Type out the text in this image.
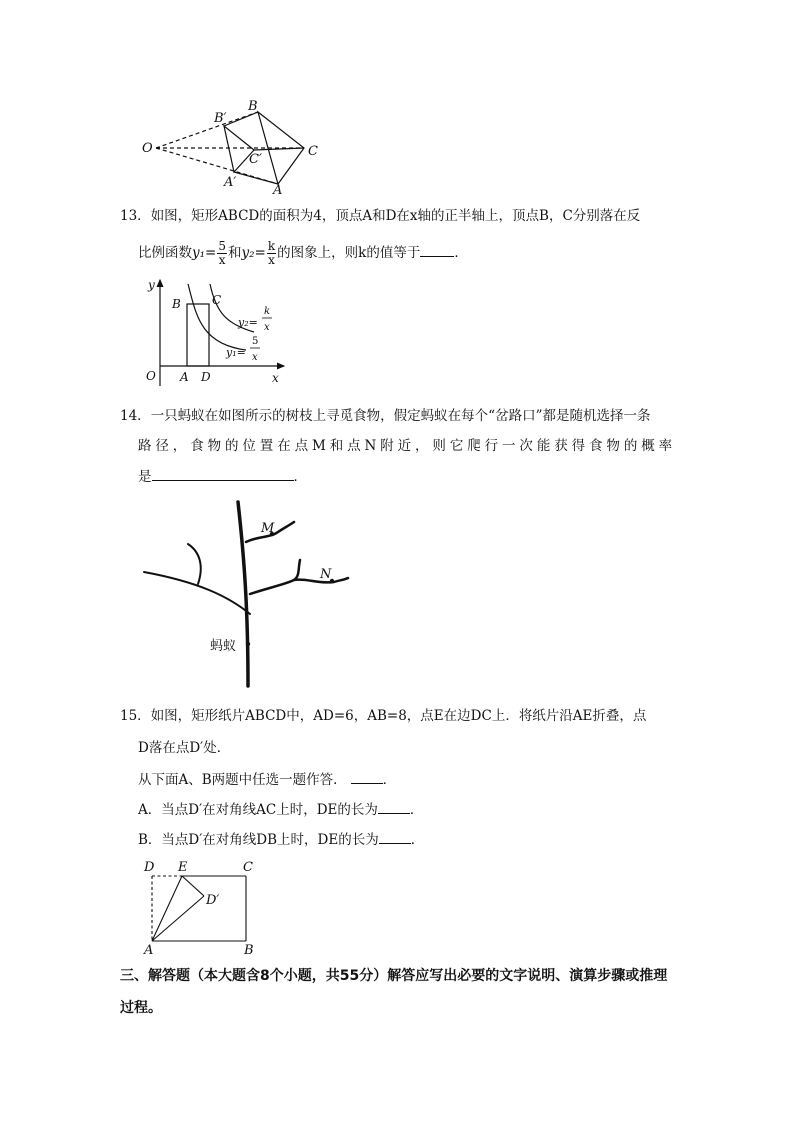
O
B′
B
C′
C
A′
A
13．如图，矩形ABCD的面积为4，顶点A和D在x轴的正半轴上，顶点B，C分别落在反
比例函数$y_1= \frac{5}{x}$ 和$y_2= \frac{k}{x}$ 的图象上，则k的值等于	．
y
x
O A D
B	C
y₂=
k
x
y₁=
5
x
14．一只蚂蚁在如图所示的树枝上寻觅食物，假定蚂蚁在每个“岔路口”都是随机选择一条
路径，食物的位置在点M和点N附近，则它爬行一次能获得食物的概率
是	．
M
N
蚂蚁
15．如图，矩形纸片ABCD中，AD=6，AB=8，点E在边DC上．将纸片沿AE折叠，点
D落在点D′处．
从下面A、B两题中任选一题作答．	．
A．当点D′在对角线AC上时，DE的长为 ．
B．当点D′在对角线DB上时，DE的长为 ．
D E	C
D′
A	B
三、解答题（本大题含8个小题，共55分）解答应写出必要的文字说明、演算步骤或推理
过程。
